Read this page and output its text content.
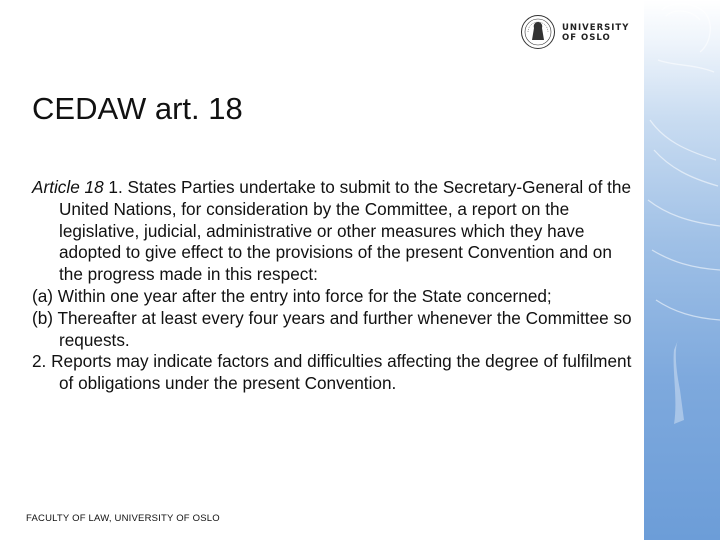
UNIVERSITY
OF OSLO
CEDAW art. 18

Article 18 1. States Parties undertake to submit to the Secretary-General of the United Nations, for consideration by the Committee, a report on the legislative, judicial, administrative or other measures which they have adopted to give effect to the provisions of the present Convention and on the progress made in this respect:

(a) Within one year after the entry into force for the State concerned;

(b) Thereafter at least every four years and further whenever the Committee so requests.

2. Reports may indicate factors and difficulties affecting the degree of fulfilment of obligations under the present Convention.

FACULTY OF LAW, UNIVERSITY OF OSLO
